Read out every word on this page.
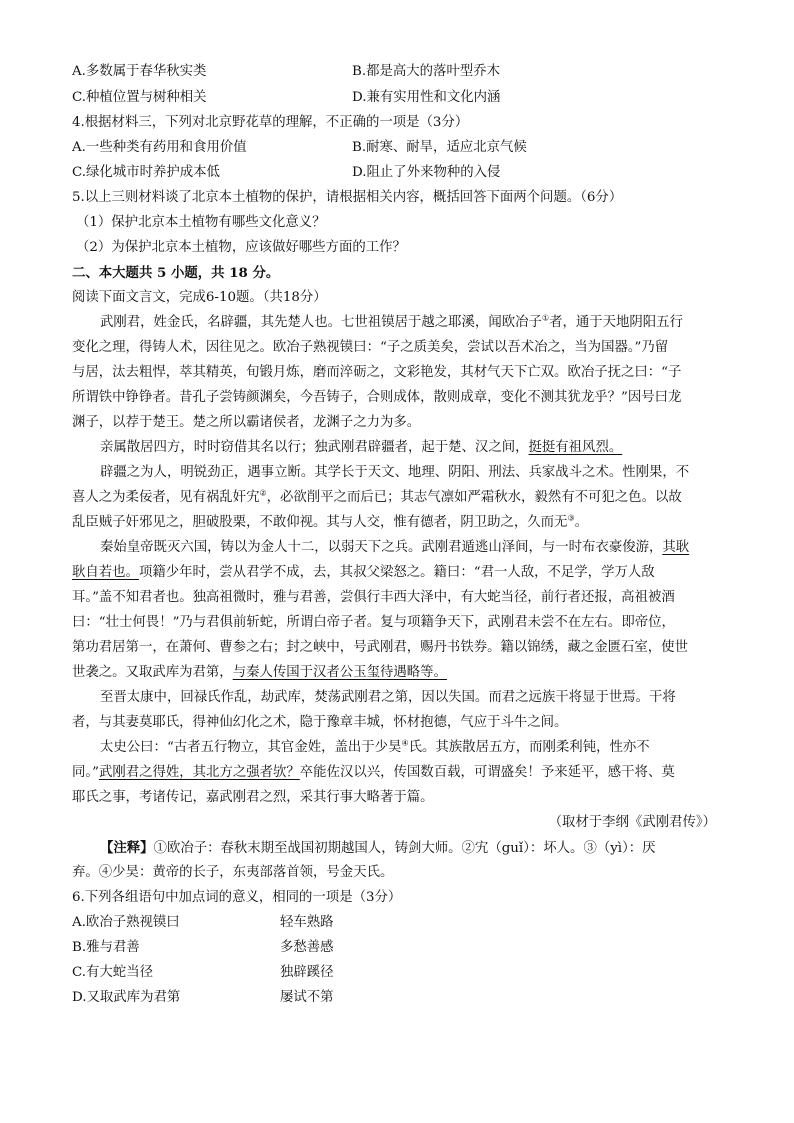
A.多数属于春华秋实类	B.都是高大的落叶型乔木
C.种植位置与树种相关	D.兼有实用性和文化内涵
4.根据材料三，下列对北京野花草的理解，不正确的一项是（3分）
A.一些种类有药用和食用价值	B.耐寒、耐旱，适应北京气候
C.绿化城市时养护成本低	D.阻止了外来物种的入侵
5.以上三则材料谈了北京本土植物的保护，请根据相关内容，概括回答下面两个问题。（6分）
（1）保护北京本土植物有哪些文化意义？
（2）为保护北京本土植物，应该做好哪些方面的工作？
二、本大题共 5 小题，共 18 分。
阅读下面文言文，完成6-10题。（共18分）
武刚君，姓金氏，名辟疆，其先楚人也。七世祖镆居于越之耶溪，闻欧冶子①者，通于天地阴阳五行
变化之理，得铸人术，因往见之。欧冶子熟视镆曰：“子之质美矣，尝试以吾术冶之，当为国器。”乃留
与居，汰去粗悍，萃其精英，旬锻月炼，磨而淬砺之，文彩艳发，其材气天下亡双。欧冶子抚之曰：“子
所谓铁中铮铮者。昔孔子尝铸颜渊矣，今吾铸子，合则成体，散则成章，变化不测其犹龙乎？”因号曰龙
渊子，以荐于楚王。楚之所以霸诸侯者，龙渊子之力为多。
亲属散居四方，时时窃借其名以行；独武刚君辟疆者，起于楚、汉之间，挺挺有祖风烈。
辟疆之为人，明锐劲正，遇事立断。其学长于天文、地理、阴阳、刑法、兵家战斗之术。性刚果，不
喜人之为柔佞者，见有祸乱奸宄②，必欲削平之而后已；其志气凛如严霜秋水，毅然有不可犯之色。以故
乱臣贼子奸邪见之，胆破股栗，不敢仰视。其与人交，惟有德者，阴卫助之，久而无③。
秦始皇帝既灭六国，铸以为金人十二，以弱天下之兵。武刚君遁逃山泽间，与一时布衣豪俊游，其耿
耿自若也。项籍少年时，尝从君学不成，去，其叔父梁怒之。籍曰：“君一人敌，不足学，学万人敌
耳。”盖不知君者也。独高祖微时，雅与君善，尝俱行丰西大泽中，有大蛇当径，前行者还报，高祖被酒
曰：“壮士何畏！”乃与君俱前斩蛇，所谓白帝子者。复与项籍争天下，武刚君未尝不在左右。即帝位，
第功君居第一，在萧何、曹参之右；封之峡中，号武刚君，赐丹书铁券。籍以锦绣，藏之金匮石室，使世
世袭之。又取武库为君第，与秦人传国于汉者公玉玺待遇略等。
至晋太康中，回禄氏作乱，劫武库，焚荡武刚君之第，因以失国。而君之远族干将显于世焉。干将
者，与其妻莫耶氏，得神仙幻化之术，隐于豫章丰城，怀材抱德，气应于斗牛之间。
太史公曰：“古者五行物立，其官金姓，盖出于少昊④氏。其族散居五方，而刚柔利钝，性亦不
同。”武刚君之得姓，其北方之强者欤？卒能佐汉以兴，传国数百载，可谓盛矣！予来延平，感干将、莫
耶氏之事，考诸传记，嘉武刚君之烈，采其行事大略著于篇。
（取材于李纲《武刚君传》）
【注释】①欧冶子：春秋末期至战国初期越国人，铸剑大师。②宄（guǐ）：坏人。③（yì）：厌
弃。④少昊：黄帝的长子，东夷部落首领，号金天氏。
6.下列各组语句中加点词的意义，相同的一项是（3分）
A.欧冶子熟视镆曰	轻车熟路
B.雅与君善	多愁善感
C.有大蛇当径	独辟蹊径
D.又取武库为君第	屡试不第
